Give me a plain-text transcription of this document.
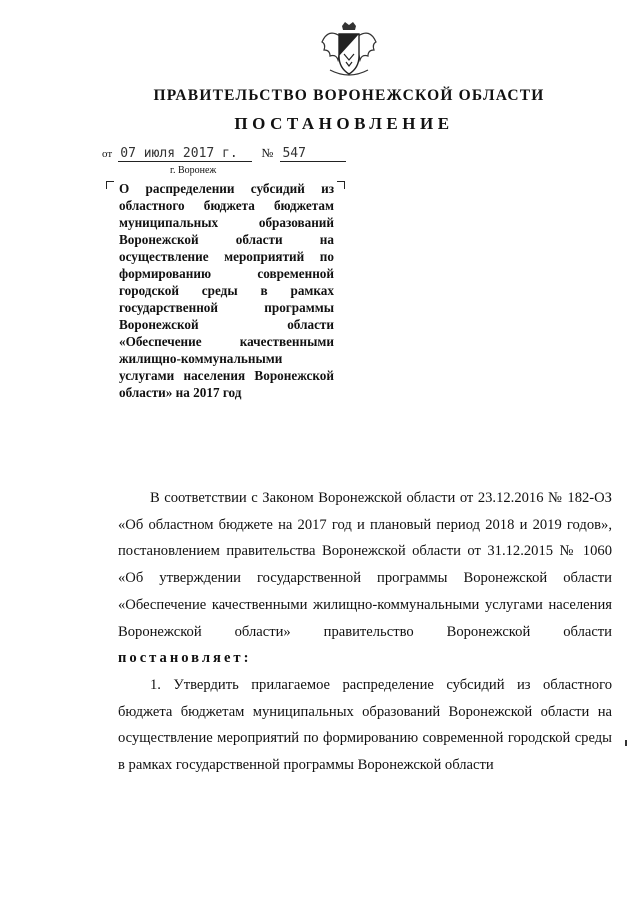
ПРАВИТЕЛЬСТВО ВОРОНЕЖСКОЙ ОБЛАСТИ
ПОСТАНОВЛЕНИЕ
от 07 июля 2017 г. № 547
г. Воронеж
О распределении субсидий из областного бюджета бюджетам муниципальных образований Воронежской области на осуществление мероприятий по формированию современной городской среды в рамках государственной программы Воронежской области «Обеспечение качественными жилищно-коммунальными услугами населения Воронежской области» на 2017 год

В соответствии с Законом Воронежской области от 23.12.2016 № 182-ОЗ «Об областном бюджете на 2017 год и плановый период 2018 и 2019 годов», постановлением правительства Воронежской области от 31.12.2015 № 1060 «Об утверждении государственной программы Воронежской области «Обеспечение качественными жилищно-коммунальными услугами населения Воронежской области» правительство Воронежской области постановляет:

1. Утвердить прилагаемое распределение субсидий из областного бюджета бюджетам муниципальных образований Воронежской области на осуществление мероприятий по формированию современной городской среды в рамках государственной программы Воронежской области
